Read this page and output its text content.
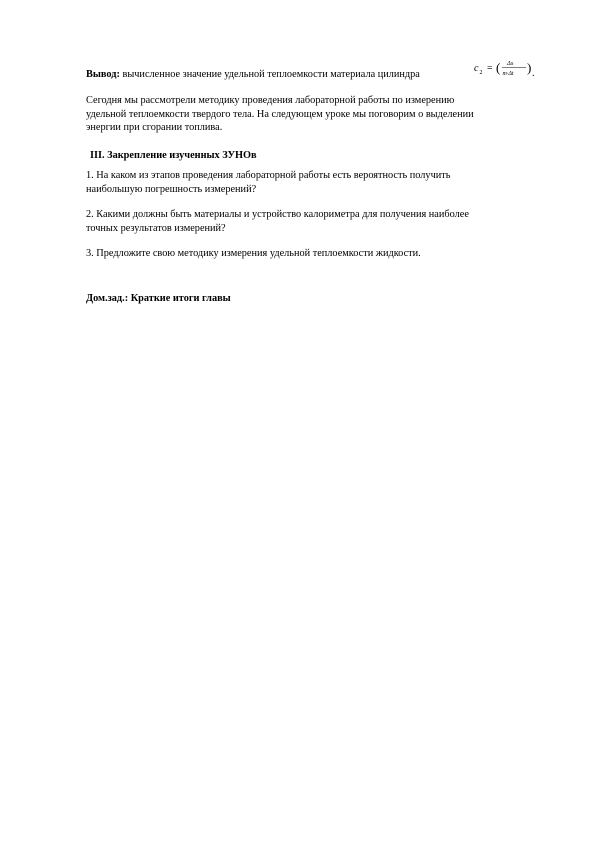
Вывод: вычисленное значение удельной теплоемкости материала цилиндра
c 2 = ( Δs
m·Δt ) .
Сегодня мы рассмотрели методику проведения лабораторной работы по измерению
удельной теплоемкости твердого тела. На следующем уроке мы поговорим о выделении
энергии при сгорании топлива.
III. Закрепление изученных ЗУНОв
1. На каком из этапов проведения лабораторной работы есть вероятность получить
наибольшую погрешность измерений?
2. Какими должны быть материалы и устройство калориметра для получения наиболее
точных результатов измерений?
3. Предложите свою методику измерения удельной теплоемкости жидкости.
Дом.зад.: Краткие итоги главы
